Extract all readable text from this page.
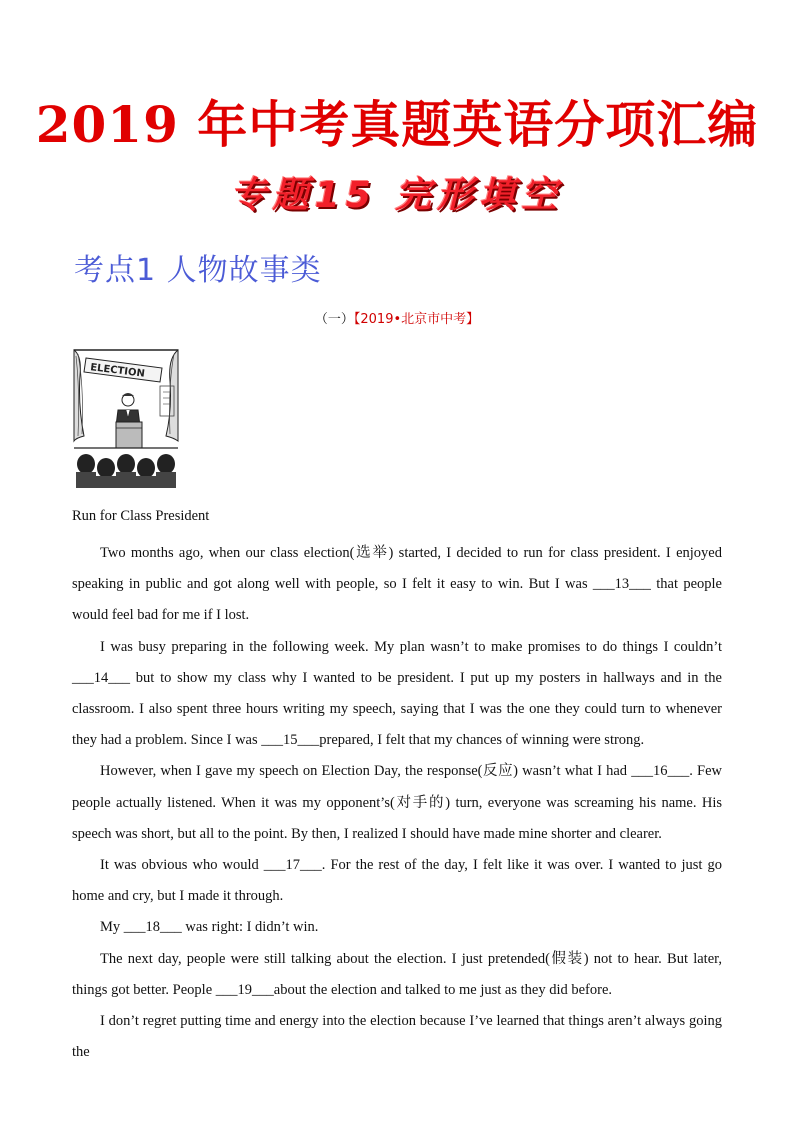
2019 年中考真题英语分项汇编
专题15 完形填空
考点1 人物故事类
（一）【2019•北京市中考】
ELECTION
Run for Class President

Two months ago, when our class election(选举) started, I decided to run for class president. I enjoyed speaking in public and got along well with people, so I felt it easy to win. But I was ___13___ that people would feel bad for me if I lost.

I was busy preparing in the following week. My plan wasn’t to make promises to do things I couldn’t ___14___ but to show my class why I wanted to be president. I put up my posters in hallways and in the classroom. I also spent three hours writing my speech, saying that I was the one they could turn to whenever they had a problem. Since I was ___15___prepared, I felt that my chances of winning were strong.

However, when I gave my speech on Election Day, the response(反应) wasn’t what I had ___16___. Few people actually listened. When it was my opponent’s(对手的) turn, everyone was screaming his name. His speech was short, but all to the point. By then, I realized I should have made mine shorter and clearer.

It was obvious who would ___17___. For the rest of the day, I felt like it was over. I wanted to just go home and cry, but I made it through.

My ___18___ was right: I didn’t win.

The next day, people were still talking about the election. I just pretended(假装) not to hear. But later, things got better. People ___19___about the election and talked to me just as they did before.

I don’t regret putting time and energy into the election because I’ve learned that things aren’t always going the
